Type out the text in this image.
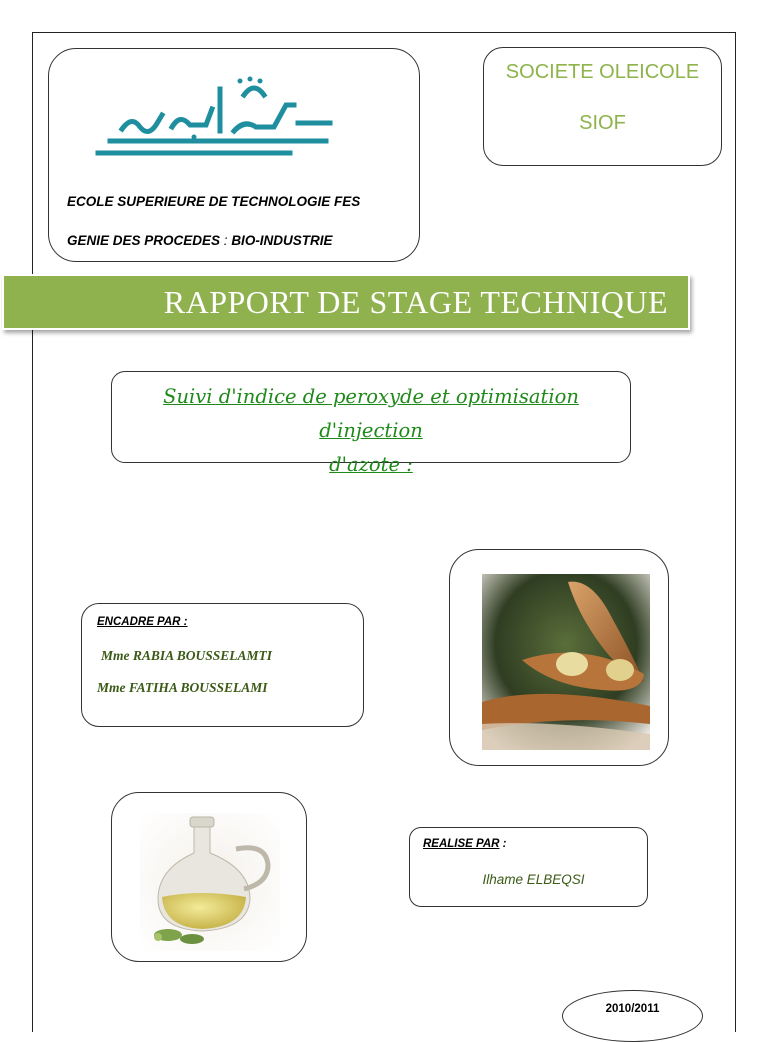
ECOLE SUPERIEURE DE TECHNOLOGIE FES
GENIE DES PROCEDES : BIO-INDUSTRIE
SOCIETE OLEICOLE
SIOF
RAPPORT DE STAGE TECHNIQUE
Suivi d'indice de peroxyde et optimisation d'injection
d'azote :
ENCADRE PAR :
Mme RABIA BOUSSELAMTI
Mme FATIHA BOUSSELAMI
REALISE PAR :
Ilhame ELBEQSI
2010/2011
